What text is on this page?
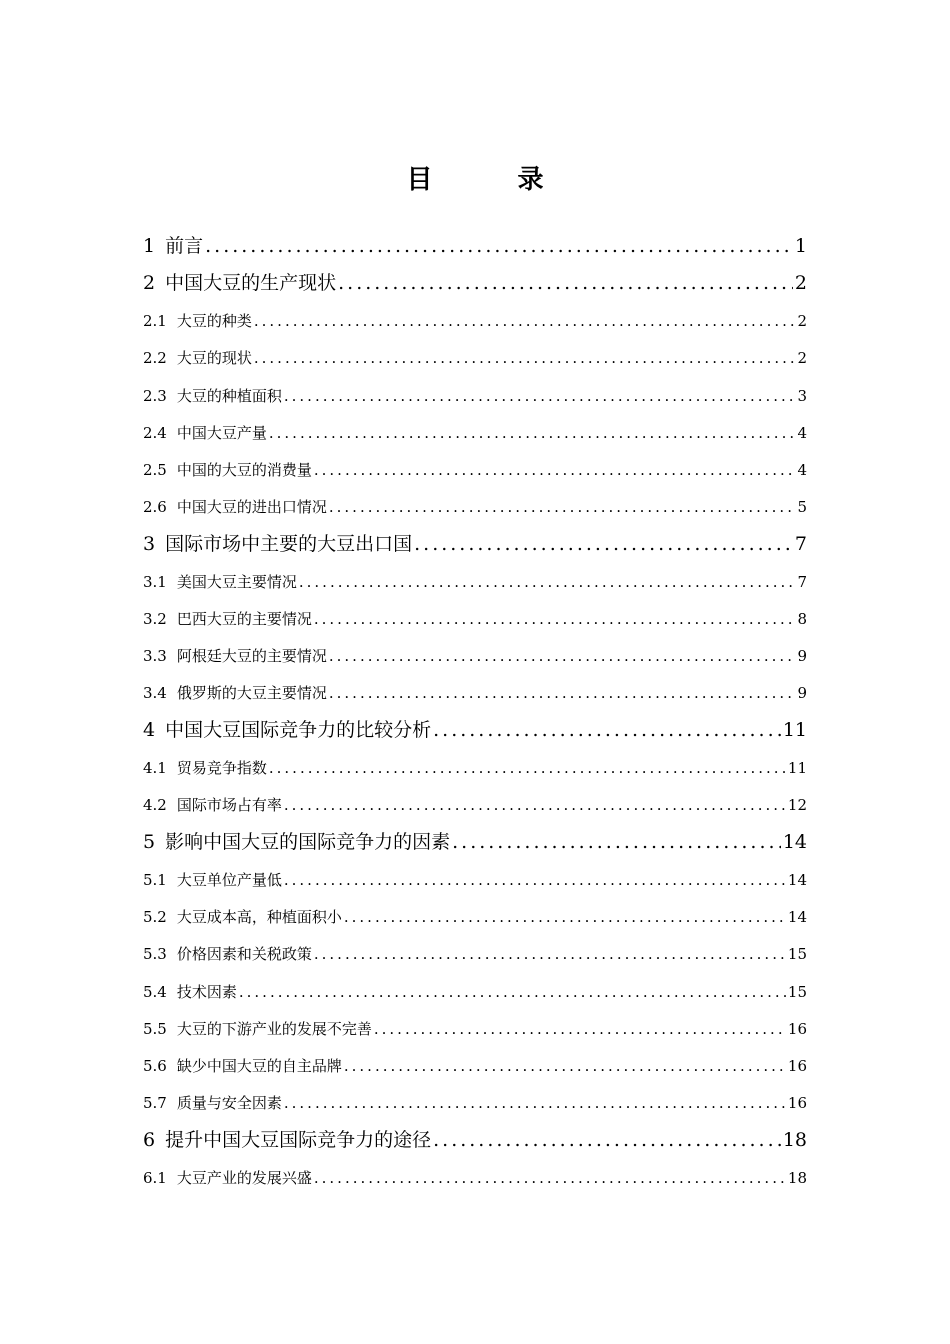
目 录
1 前言 .....	1
2 中国大豆的生产现状 .....	2
2.1 大豆的种类 .....	2
2.2 大豆的现状 .....	2
2.3 大豆的种植面积 .....	3
2.4 中国大豆产量 .....	4
2.5 中国的大豆的消费量 .....	4
2.6 中国大豆的进出口情况 .....	5
3 国际市场中主要的大豆出口国 .....	7
3.1 美国大豆主要情况 .....	7
3.2 巴西大豆的主要情况 .....	8
3.3 阿根廷大豆的主要情况 .....	9
3.4 俄罗斯的大豆主要情况 .....	9
4 中国大豆国际竞争力的比较分析 .....	11
4.1 贸易竞争指数 .....	11
4.2 国际市场占有率 .....	12
5 影响中国大豆的国际竞争力的因素 .....	14
5.1 大豆单位产量低 .....	14
5.2 大豆成本高，种植面积小 .....	14
5.3 价格因素和关税政策 .....	15
5.4 技术因素 .....	15
5.5 大豆的下游产业的发展不完善 .....	16
5.6 缺少中国大豆的自主品牌 .....	16
5.7 质量与安全因素 .....	16
6 提升中国大豆国际竞争力的途径 .....	18
6.1 大豆产业的发展兴盛 .....	18
